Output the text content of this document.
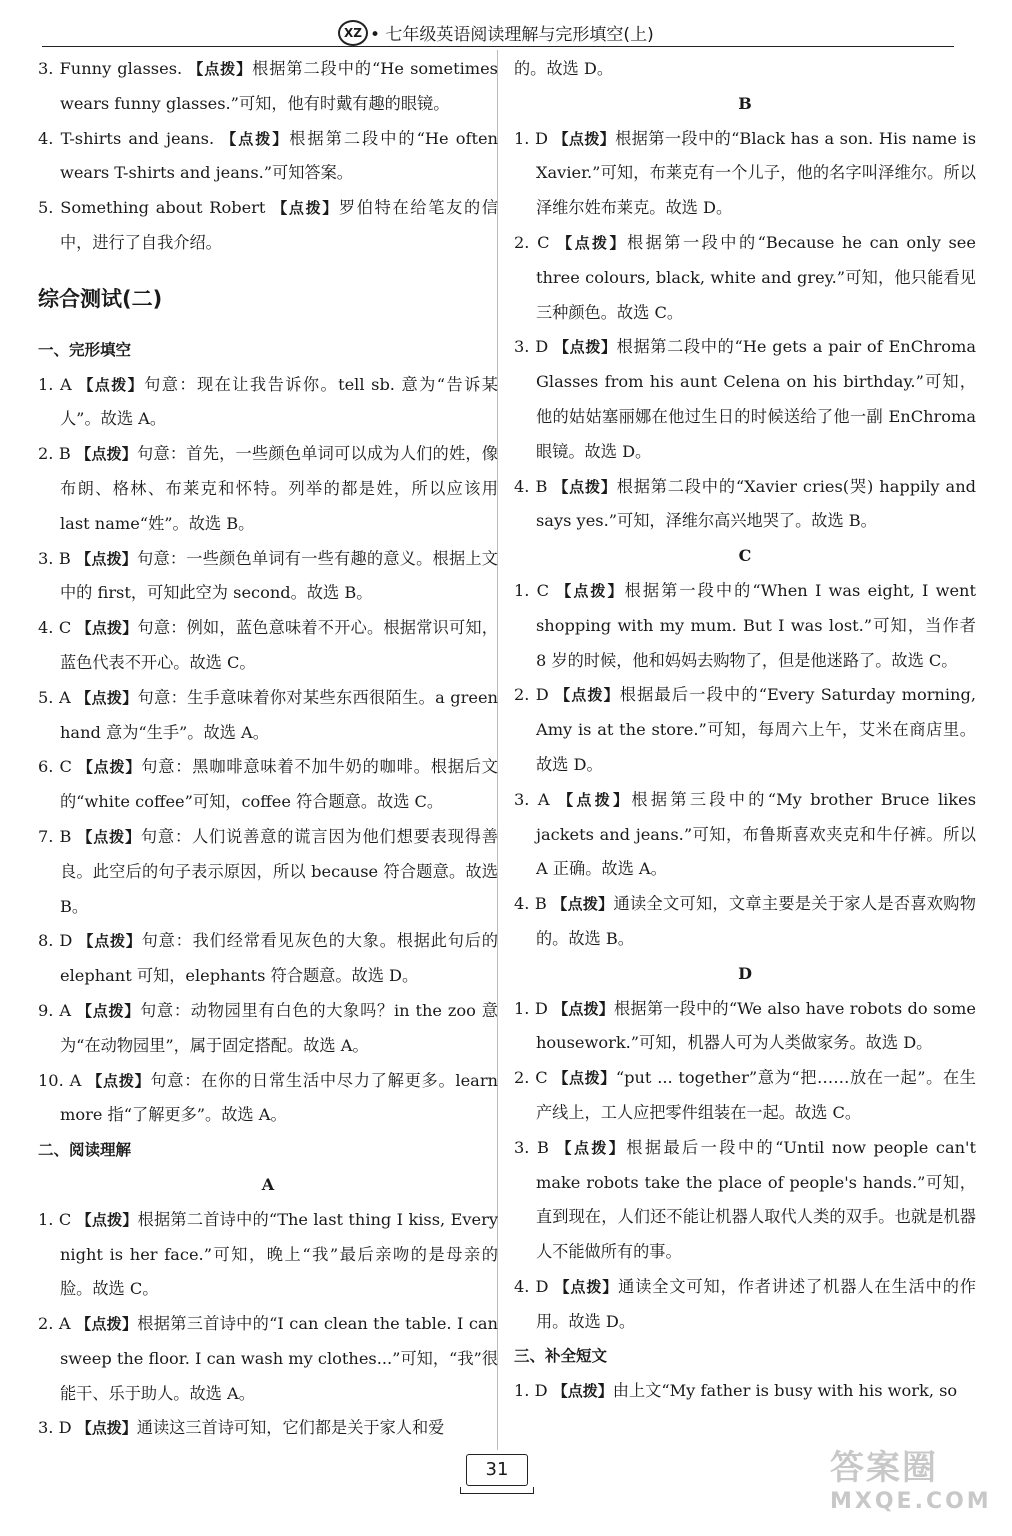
XZ • 七年级英语阅读理解与完形填空(上)

3. Funny glasses. 【点拨】根据第二段中的“He sometimes wears funny glasses.”可知，他有时戴有趣的眼镜。

4. T-shirts and jeans. 【点拨】根据第二段中的“He often wears T-shirts and jeans.”可知答案。

5. Something about Robert 【点拨】罗伯特在给笔友的信中，进行了自我介绍。

综合测试(二)
一、完形填空

1. A 【点拨】句意：现在让我告诉你。tell sb. 意为“告诉某人”。故选 A。

2. B 【点拨】句意：首先，一些颜色单词可以成为人们的姓，像布朗、格林、布莱克和怀特。列举的都是姓，所以应该用 last name“姓”。故选 B。

3. B 【点拨】句意：一些颜色单词有一些有趣的意义。根据上文中的 first，可知此空为 second。故选 B。

4. C 【点拨】句意：例如，蓝色意味着不开心。根据常识可知，蓝色代表不开心。故选 C。

5. A 【点拨】句意：生手意味着你对某些东西很陌生。a green hand 意为“生手”。故选 A。

6. C 【点拨】句意：黑咖啡意味着不加牛奶的咖啡。根据后文的“white coffee”可知，coffee 符合题意。故选 C。

7. B 【点拨】句意：人们说善意的谎言因为他们想要表现得善良。此空后的句子表示原因，所以 because 符合题意。故选 B。

8. D 【点拨】句意：我们经常看见灰色的大象。根据此句后的 elephant 可知，elephants 符合题意。故选 D。

9. A 【点拨】句意：动物园里有白色的大象吗？in the zoo 意为“在动物园里”，属于固定搭配。故选 A。

10. A 【点拨】句意：在你的日常生活中尽力了解更多。learn more 指“了解更多”。故选 A。

二、阅读理解
A

1. C 【点拨】根据第二首诗中的“The last thing I kiss, Every night is her face.”可知，晚上“我”最后亲吻的是母亲的脸。故选 C。

2. A 【点拨】根据第三首诗中的“I can clean the table. I can sweep the floor. I can wash my clothes...”可知，“我”很能干、乐于助人。故选 A。

3. D 【点拨】通读这三首诗可知，它们都是关于家人和爱

的。故选 D。

B

1. D 【点拨】根据第一段中的“Black has a son. His name is Xavier.”可知，布莱克有一个儿子，他的名字叫泽维尔。所以泽维尔姓布莱克。故选 D。

2. C 【点拨】根据第一段中的“Because he can only see three colours, black, white and grey.”可知，他只能看见三种颜色。故选 C。

3. D 【点拨】根据第二段中的“He gets a pair of EnChroma Glasses from his aunt Celena on his birthday.”可知，他的姑姑塞丽娜在他过生日的时候送给了他一副 EnChroma 眼镜。故选 D。

4. B 【点拨】根据第二段中的“Xavier cries(哭) happily and says yes.”可知，泽维尔高兴地哭了。故选 B。

C

1. C 【点拨】根据第一段中的“When I was eight, I went shopping with my mum. But I was lost.”可知，当作者 8 岁的时候，他和妈妈去购物了，但是他迷路了。故选 C。

2. D 【点拨】根据最后一段中的“Every Saturday morning, Amy is at the store.”可知，每周六上午，艾米在商店里。故选 D。

3. A 【点拨】根据第三段中的“My brother Bruce likes jackets and jeans.”可知，布鲁斯喜欢夹克和牛仔裤。所以 A 正确。故选 A。

4. B 【点拨】通读全文可知，文章主要是关于家人是否喜欢购物的。故选 B。

D

1. D 【点拨】根据第一段中的“We also have robots do some housework.”可知，机器人可为人类做家务。故选 D。

2. C 【点拨】“put ... together”意为“把……放在一起”。在生产线上，工人应把零件组装在一起。故选 C。

3. B 【点拨】根据最后一段中的“Until now people can't make robots take the place of people's hands.”可知，直到现在，人们还不能让机器人取代人类的双手。也就是机器人不能做所有的事。

4. D 【点拨】通读全文可知，作者讲述了机器人在生活中的作用。故选 D。

三、补全短文

1. D 【点拨】由上文“My father is busy with his work, so

31	答案圈
MXQE.COM
